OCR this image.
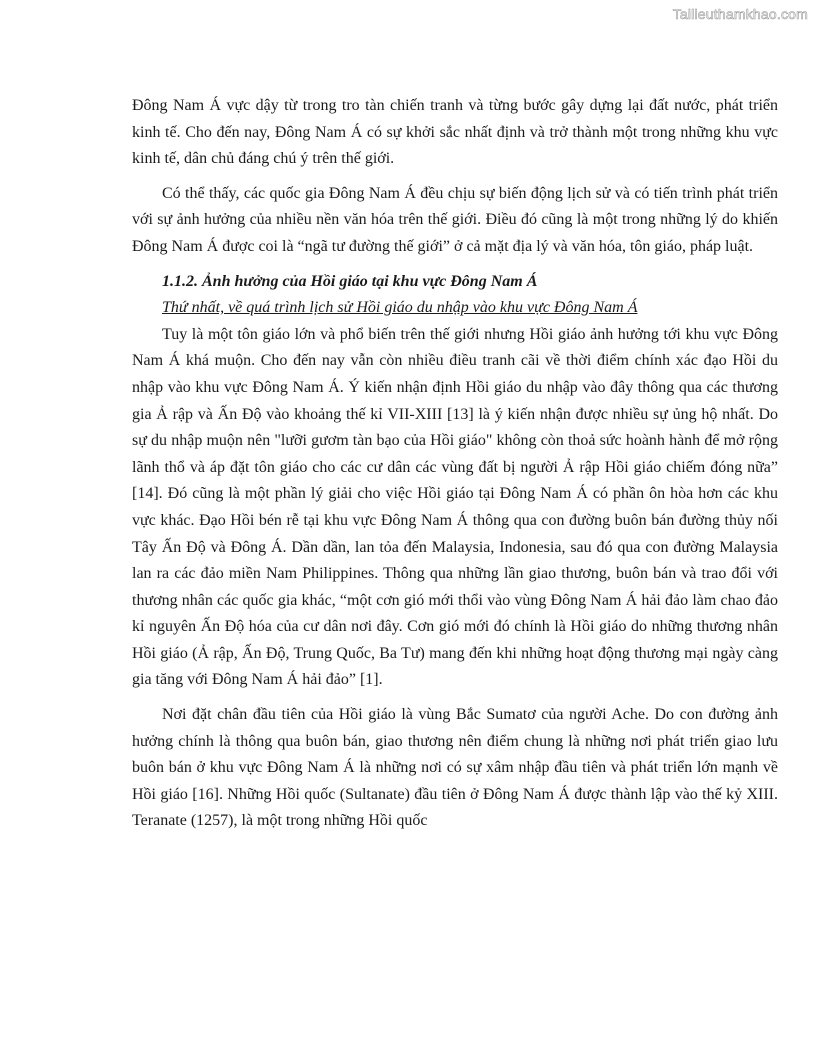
Tailieuthamkhao.com

Đông Nam Á vực dậy từ trong tro tàn chiến tranh và từng bước gây dựng lại đất nước, phát triển kinh tế. Cho đến nay, Đông Nam Á có sự khởi sắc nhất định và trở thành một trong những khu vực kinh tế, dân chủ đáng chú ý trên thế giới.

Có thể thấy, các quốc gia Đông Nam Á đều chịu sự biến động lịch sử và có tiến trình phát triển với sự ảnh hưởng của nhiều nền văn hóa trên thế giới. Điều đó cũng là một trong những lý do khiến Đông Nam Á được coi là “ngã tư đường thế giới” ở cả mặt địa lý và văn hóa, tôn giáo, pháp luật.

1.1.2. Ảnh hưởng của Hồi giáo tại khu vực Đông Nam Á

Thứ nhất, về quá trình lịch sử Hồi giáo du nhập vào khu vực Đông Nam Á

Tuy là một tôn giáo lớn và phổ biến trên thế giới nhưng Hồi giáo ảnh hưởng tới khu vực Đông Nam Á khá muộn. Cho đến nay vẫn còn nhiều điều tranh cãi về thời điểm chính xác đạo Hồi du nhập vào khu vực Đông Nam Á. Ý kiến nhận định Hồi giáo du nhập vào đây thông qua các thương gia Ả rập và Ấn Độ vào khoảng thế kỉ VII-XIII [13] là ý kiến nhận được nhiều sự ủng hộ nhất. Do sự du nhập muộn nên "lưỡi gươm tàn bạo của Hồi giáo" không còn thoả sức hoành hành để mở rộng lãnh thổ và áp đặt tôn giáo cho các cư dân các vùng đất bị người Ả rập Hồi giáo chiếm đóng nữa” [14]. Đó cũng là một phần lý giải cho việc Hồi giáo tại Đông Nam Á có phần ôn hòa hơn các khu vực khác. Đạo Hồi bén rễ tại khu vực Đông Nam Á thông qua con đường buôn bán đường thủy nối Tây Ấn Độ và Đông Á. Dần dần, lan tỏa đến Malaysia, Indonesia, sau đó qua con đường Malaysia lan ra các đảo miền Nam Philippines. Thông qua những lần giao thương, buôn bán và trao đổi với thương nhân các quốc gia khác, “một cơn gió mới thổi vào vùng Đông Nam Á hải đảo làm chao đảo kỉ nguyên Ấn Độ hóa của cư dân nơi đây. Cơn gió mới đó chính là Hồi giáo do những thương nhân Hồi giáo (Ả rập, Ấn Độ, Trung Quốc, Ba Tư) mang đến khi những hoạt động thương mại ngày càng gia tăng với Đông Nam Á hải đảo” [1].

Nơi đặt chân đầu tiên của Hồi giáo là vùng Bắc Sumatơ của người Ache. Do con đường ảnh hưởng chính là thông qua buôn bán, giao thương nên điểm chung là những nơi phát triển giao lưu buôn bán ở khu vực Đông Nam Á là những nơi có sự xâm nhập đầu tiên và phát triển lớn mạnh về Hồi giáo [16]. Những Hồi quốc (Sultanate) đầu tiên ở Đông Nam Á được thành lập vào thế kỷ XIII. Teranate (1257), là một trong những Hồi quốc
